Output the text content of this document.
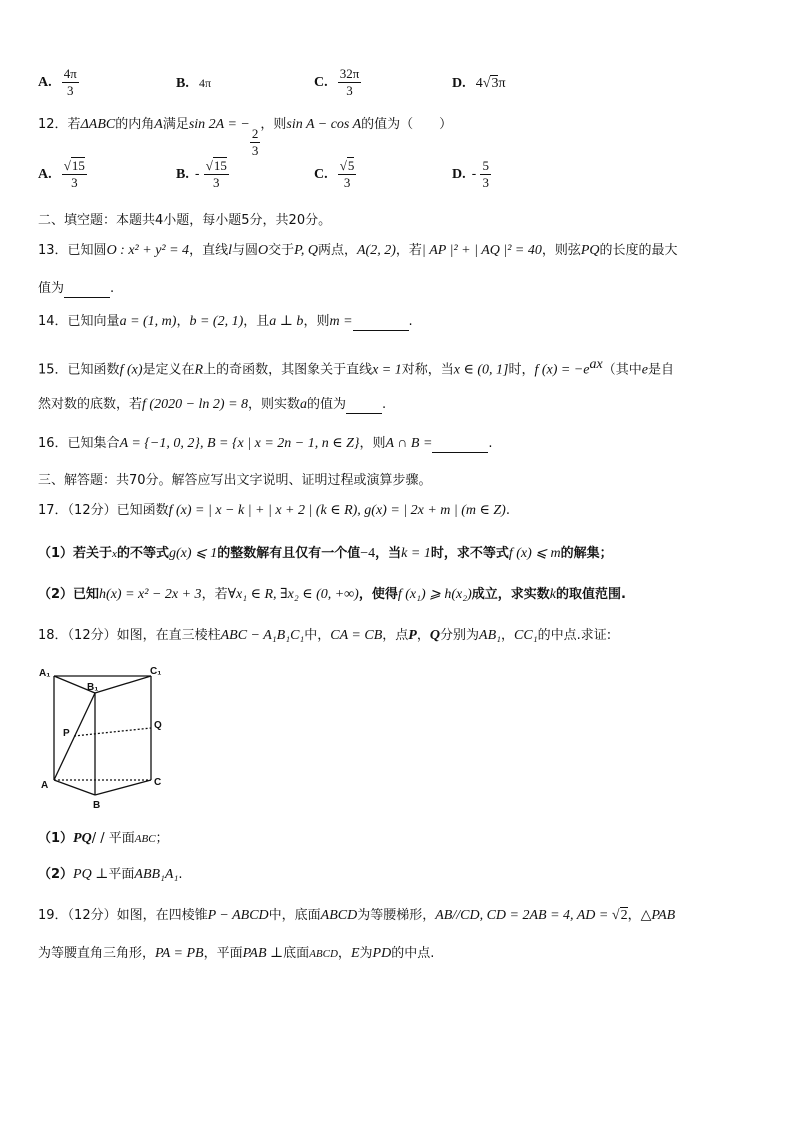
A. $\frac{4\pi}{3}$	B. 4π	C. $\frac{32\pi}{3}$	D. 4√3π
12．若ΔABC的内角A满足sin 2A = −
$\frac{2}{3}$
，则sin A − cos A的值为（　　）
A. $\frac{√15}{3}$	B. - $\frac{√15}{3}$	C. $\frac{√5}{3}$	D. - $\frac{5}{3}$
二、填空题：本题共4小题，每小题5分，共20分。
13．已知圆O : x² + y² = 4，直线l与圆O交于P, Q两点，A(2, 2)，若| AP |² + | AQ |² = 40，则弦PQ的长度的最大
值为	.
14．已知向量a = (1, m)，b = (2, 1)，且a ⊥ b，则m =	.
15．已知函数f (x)是定义在R上的奇函数，其图象关于直线x = 1对称，当x ∈ (0, 1]时，f $(x) = -e^{ax}$（其中e是自
然对数的底数，若f (2020 − ln 2) = 8，则实数a的值为	.
16．已知集合A = {−1, 0, 2}, B = {x | x = 2n − 1, n ∈ Z}，则A ∩ B =	.
三、解答题：共70分。解答应写出文字说明、证明过程或演算步骤。
17．（12分）已知函数f (x) = | x − k | + | x + 2 | (k ∈ R), g(x) = | 2x + m | (m ∈ Z).
（1）若关于x的不等式g(x) ⩽ 1的整数解有且仅有一个值−4，当k = 1时，求不等式f (x) ⩽ m的解集；
（2）已知h(x) = x² − 2x + 3，若∀x₁ ∈ R, ∃x₂ ∈ (0, +∞)，使得f (x₁) ⩾ h(x₂)成立，求实数k的取值范围.
18．（12分）如图，在直三棱柱ABC − A₁B₁C₁中，CA = CB，点P，Q分别为AB₁，CC₁的中点.求证:
A₁
B₁
C₁
P
Q
A
B
C
（1）PQ/ / 平面ABC；
（2）PQ ⊥平面ABB₁A₁.
19．（12分）如图，在四棱锥P − ABCD中，底面ABCD为等腰梯形，AB//CD, CD = 2AB = 4, AD = √2，△PAB
为等腰直角三角形，PA = PB，平面PAB ⊥底面ABCD，E为PD的中点.
